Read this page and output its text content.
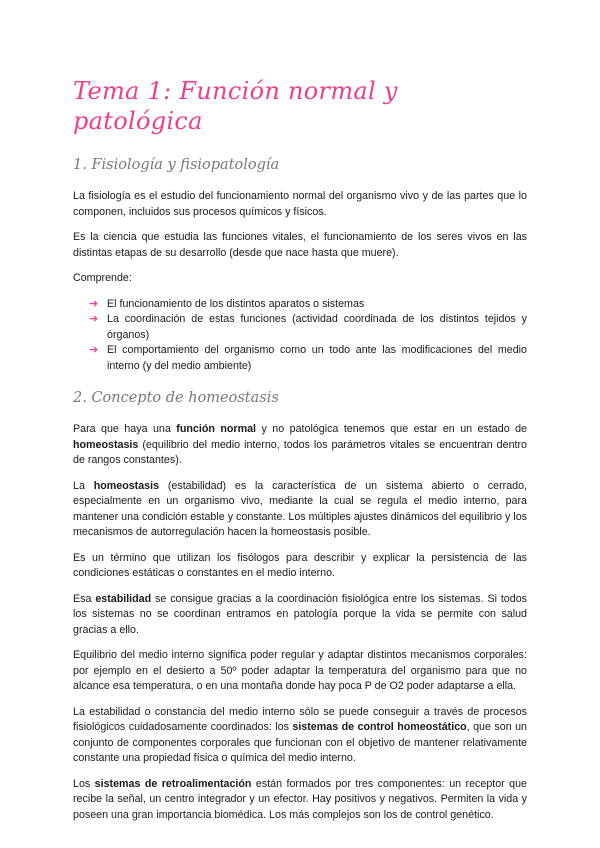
Tema 1: Función normal y patológica
1. Fisiología y fisiopatología

La fisiología es el estudio del funcionamiento normal del organismo vivo y de las partes que lo componen, incluidos sus procesos químicos y físicos.

Es la ciencia que estudia las funciones vitales, el funcionamiento de los seres vivos en las distintas etapas de su desarrollo (desde que nace hasta que muere).

Comprende:

➔ El funcionamiento de los distintos aparatos o sistemas
➔ La coordinación de estas funciones (actividad coordinada de los distintos tejidos y órganos)
➔ El comportamiento del organismo como un todo ante las modificaciones del medio interno (y del medio ambiente)
2. Concepto de homeostasis

Para que haya una función normal y no patológica tenemos que estar en un estado de homeostasis (equilibrio del medio interno, todos los parámetros vitales se encuentran dentro de rangos constantes).

La homeostasis (estabilidad) es la característica de un sistema abierto o cerrado, especialmente en un organismo vivo, mediante la cual se regula el medio interno, para mantener una condición estable y constante. Los múltiples ajustes dinámicos del equilibrio y los mecanismos de autorregulación hacen la homeostasis posible.

Es un término que utilizan los fisólogos para describir y explicar la persistencia de las condiciones estáticas o constantes en el medio interno.

Esa estabilidad se consigue gracias a la coordinación fisiológica entre los sistemas. Si todos los sistemas no se coordinan entramos en patología porque la vida se permite con salud gracias a ello.

Equilibrio del medio interno significa poder regular y adaptar distintos mecanismos corporales: por ejemplo en el desierto a 50º poder adaptar la temperatura del organismo para que no alcance esa temperatura, o en una montaña donde hay poca P de O2 poder adaptarse a ella.

La estabilidad o constancia del medio interno sólo se puede conseguir a través de procesos fisiológicos cuidadosamente coordinados: los sistemas de control homeostático, que son un conjunto de componentes corporales que funcionan con el objetivo de mantener relativamente constante una propiedad física o química del medio interno.

Los sistemas de retroalimentación están formados por tres componentes: un receptor que recibe la señal, un centro integrador y un efector. Hay positivos y negativos. Permiten la vida y poseen una gran importancia biomédica. Los más complejos son los de control genético.
